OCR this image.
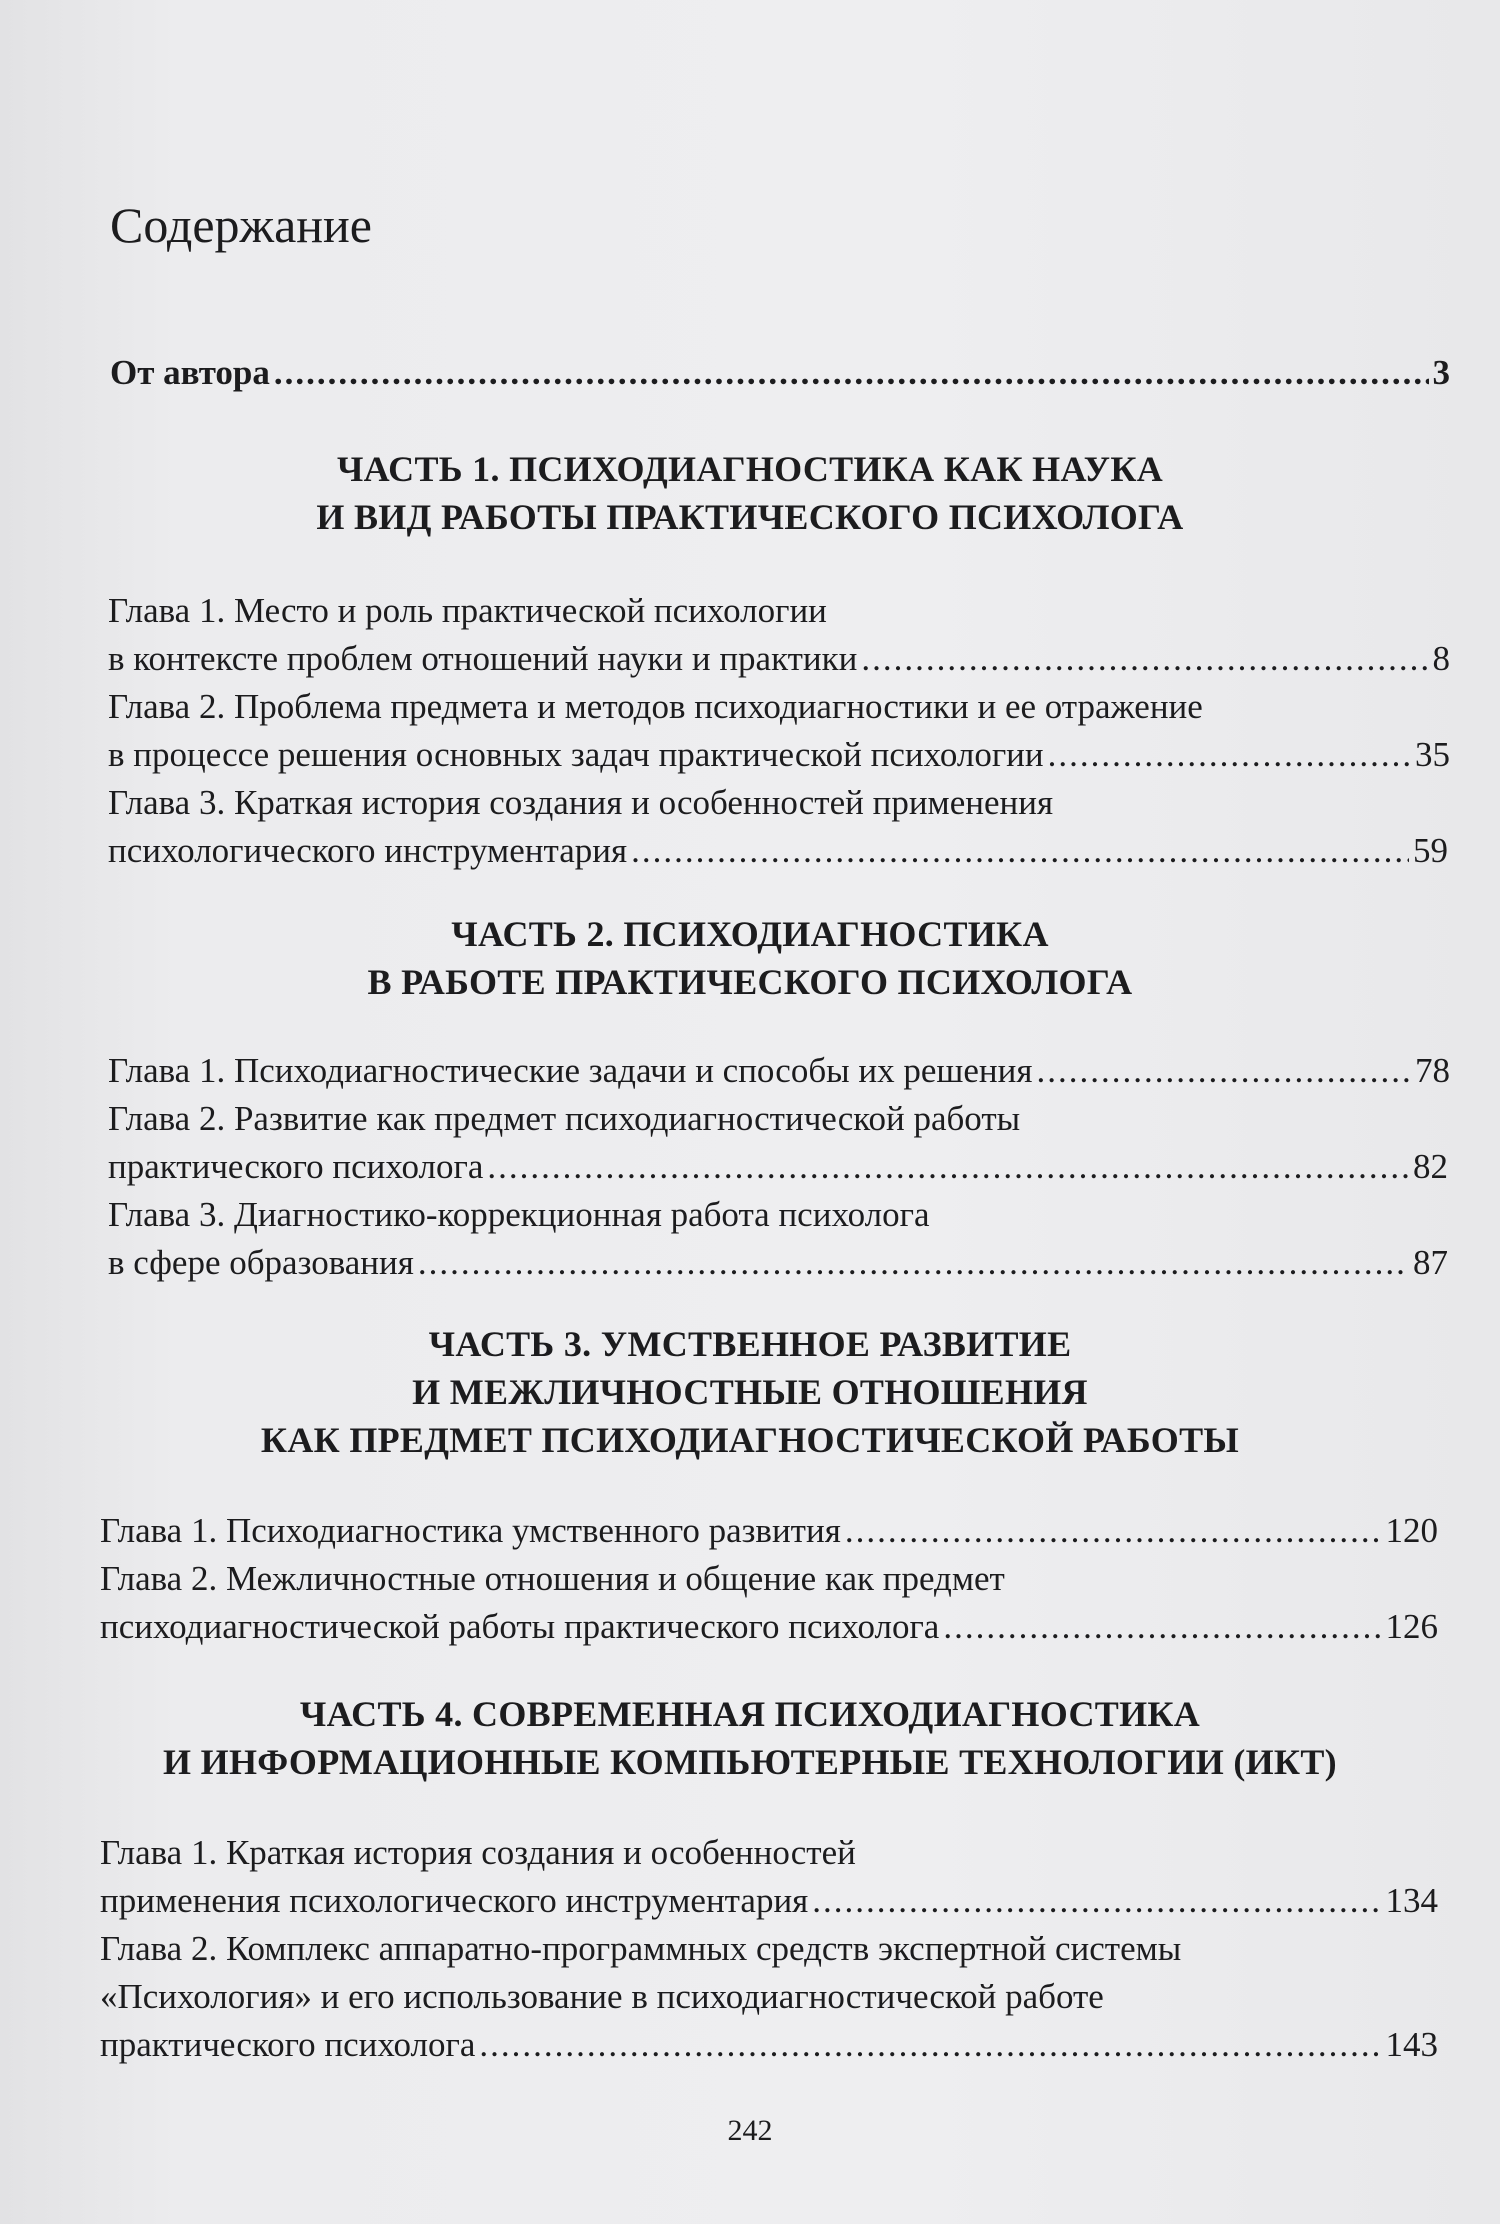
Содержание
От автора .....	3
ЧАСТЬ 1. ПСИХОДИАГНОСТИКА КАК НАУКА
И ВИД РАБОТЫ ПРАКТИЧЕСКОГО ПСИХОЛОГА
Глава 1. Место и роль практической психологии
в контексте проблем отношений науки и практики .....	8
Глава 2. Проблема предмета и методов психодиагностики и ее отражение
в процессе решения основных задач практической психологии .....	35
Глава 3. Краткая история создания и особенностей применения
психологического инструментария .....	59
ЧАСТЬ 2. ПСИХОДИАГНОСТИКА
В РАБОТЕ ПРАКТИЧЕСКОГО ПСИХОЛОГА
Глава 1. Психодиагностические задачи и способы их решения .....	78
Глава 2. Развитие как предмет психодиагностической работы
практического психолога .....	82
Глава 3. Диагностико-коррекционная работа психолога
в сфере образования .....	87
ЧАСТЬ 3. УМСТВЕННОЕ РАЗВИТИЕ
И МЕЖЛИЧНОСТНЫЕ ОТНОШЕНИЯ
КАК ПРЕДМЕТ ПСИХОДИАГНОСТИЧЕСКОЙ РАБОТЫ
Глава 1. Психодиагностика умственного развития .....	120
Глава 2. Межличностные отношения и общение как предмет
психодиагностической работы практического психолога .....	126
ЧАСТЬ 4. СОВРЕМЕННАЯ ПСИХОДИАГНОСТИКА
И ИНФОРМАЦИОННЫЕ КОМПЬЮТЕРНЫЕ ТЕХНОЛОГИИ (ИКТ)
Глава 1. Краткая история создания и особенностей
применения психологического инструментария .....	134
Глава 2. Комплекс аппаратно-программных средств экспертной системы
«Психология» и его использование в психодиагностической работе
практического психолога .....	143
242
